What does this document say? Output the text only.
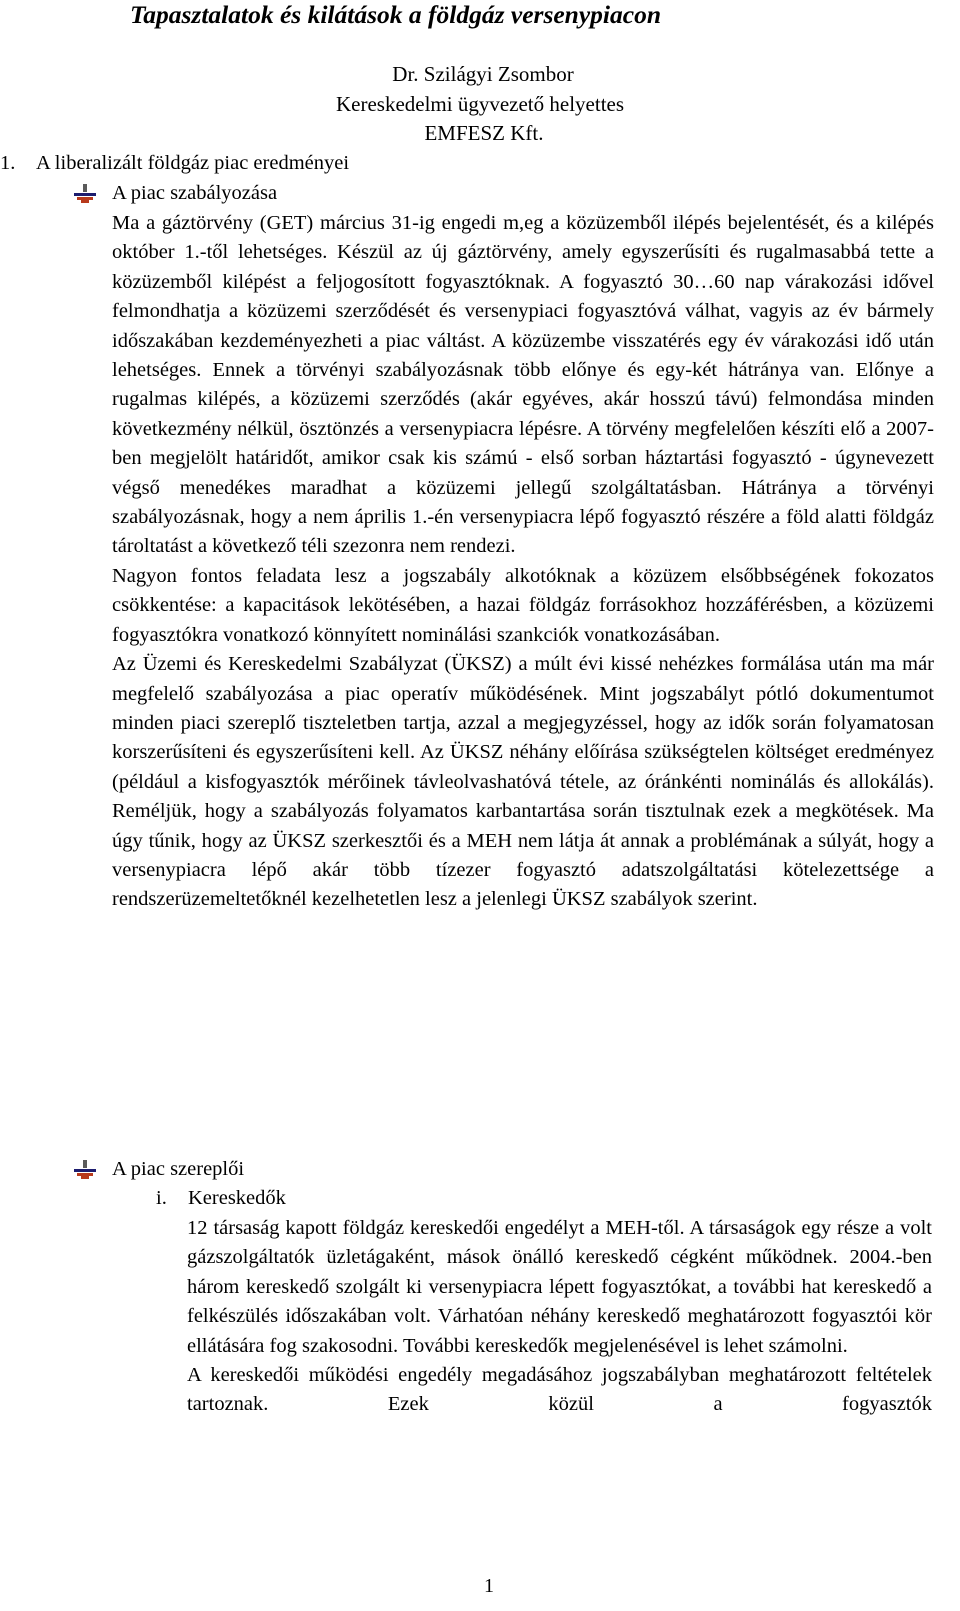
Tapasztalatok és kilátások a földgáz versenypiacon
Dr. Szilágyi Zsombor
Kereskedelmi ügyvezető helyettes
EMFESZ Kft.
1. A liberalizált földgáz piac eredményei
A piac szabályozása

Ma a gáztörvény (GET) március 31-ig engedi m,eg a közüzemből ilépés bejelentését, és a kilépés október 1.-től lehetséges. Készül az új gáztörvény, amely egyszerűsíti és rugalmasabbá tette a közüzemből kilépést a feljogosított fogyasztóknak. A fogyasztó 30…60 nap várakozási idővel felmondhatja a közüzemi szerződését és versenypiaci fogyasztóvá válhat, vagyis az év bármely időszakában kezdeményezheti a piac váltást. A közüzembe visszatérés egy év várakozási idő után lehetséges. Ennek a törvényi szabályozásnak több előnye és egy-két hátránya van. Előnye a rugalmas kilépés, a közüzemi szerződés (akár egyéves, akár hosszú távú) felmondása minden következmény nélkül, ösztönzés a versenypiacra lépésre. A törvény megfelelően készíti elő a 2007-ben megjelölt határidőt, amikor csak kis számú - első sorban háztartási fogyasztó - úgynevezett végső menedékes maradhat a közüzemi jellegű szolgáltatásban. Hátránya a törvényi szabályozásnak, hogy a nem április 1.-én versenypiacra lépő fogyasztó részére a föld alatti földgáz tároltatást a következő téli szezonra nem rendezi.

Nagyon fontos feladata lesz a jogszabály alkotóknak a közüzem elsőbbségének fokozatos csökkentése: a kapacitások lekötésében, a hazai földgáz forrásokhoz hozzáférésben, a közüzemi fogyasztókra vonatkozó könnyített nominálási szankciók vonatkozásában.

Az Üzemi és Kereskedelmi Szabályzat (ÜKSZ) a múlt évi kissé nehézkes formálása után ma már megfelelő szabályozása a piac operatív működésének. Mint jogszabályt pótló dokumentumot minden piaci szereplő tiszteletben tartja, azzal a megjegyzéssel, hogy az idők során folyamatosan korszerűsíteni és egyszerűsíteni kell. Az ÜKSZ néhány előírása szükségtelen költséget eredményez (például a kisfogyasztók mérőinek távleolvashatóvá tétele, az óránkénti nominálás és allokálás). Reméljük, hogy a szabályozás folyamatos karbantartása során tisztulnak ezek a megkötések. Ma úgy tűnik, hogy az ÜKSZ szerkesztői és a MEH nem látja át annak a problémának a súlyát, hogy a versenypiacra lépő akár több tízezer fogyasztó adatszolgáltatási kötelezettsége a rendszerüzemeltetőknél kezelhetetlen lesz a jelenlegi ÜKSZ szabályok szerint.

A piac szereplői
i. Kereskedők

12 társaság kapott földgáz kereskedői engedélyt a MEH-től. A társaságok egy része a volt gázszolgáltatók üzletágaként, mások önálló kereskedő cégként működnek. 2004.-ben három kereskedő szolgált ki versenypiacra lépett fogyasztókat, a további hat kereskedő a felkészülés időszakában volt. Várhatóan néhány kereskedő meghatározott fogyasztói kör ellátására fog szakosodni. További kereskedők megjelenésével is lehet számolni.

A kereskedői működési engedély megadásához jogszabályban meghatározott feltételek tartoznak. Ezek közül a fogyasztók

1
